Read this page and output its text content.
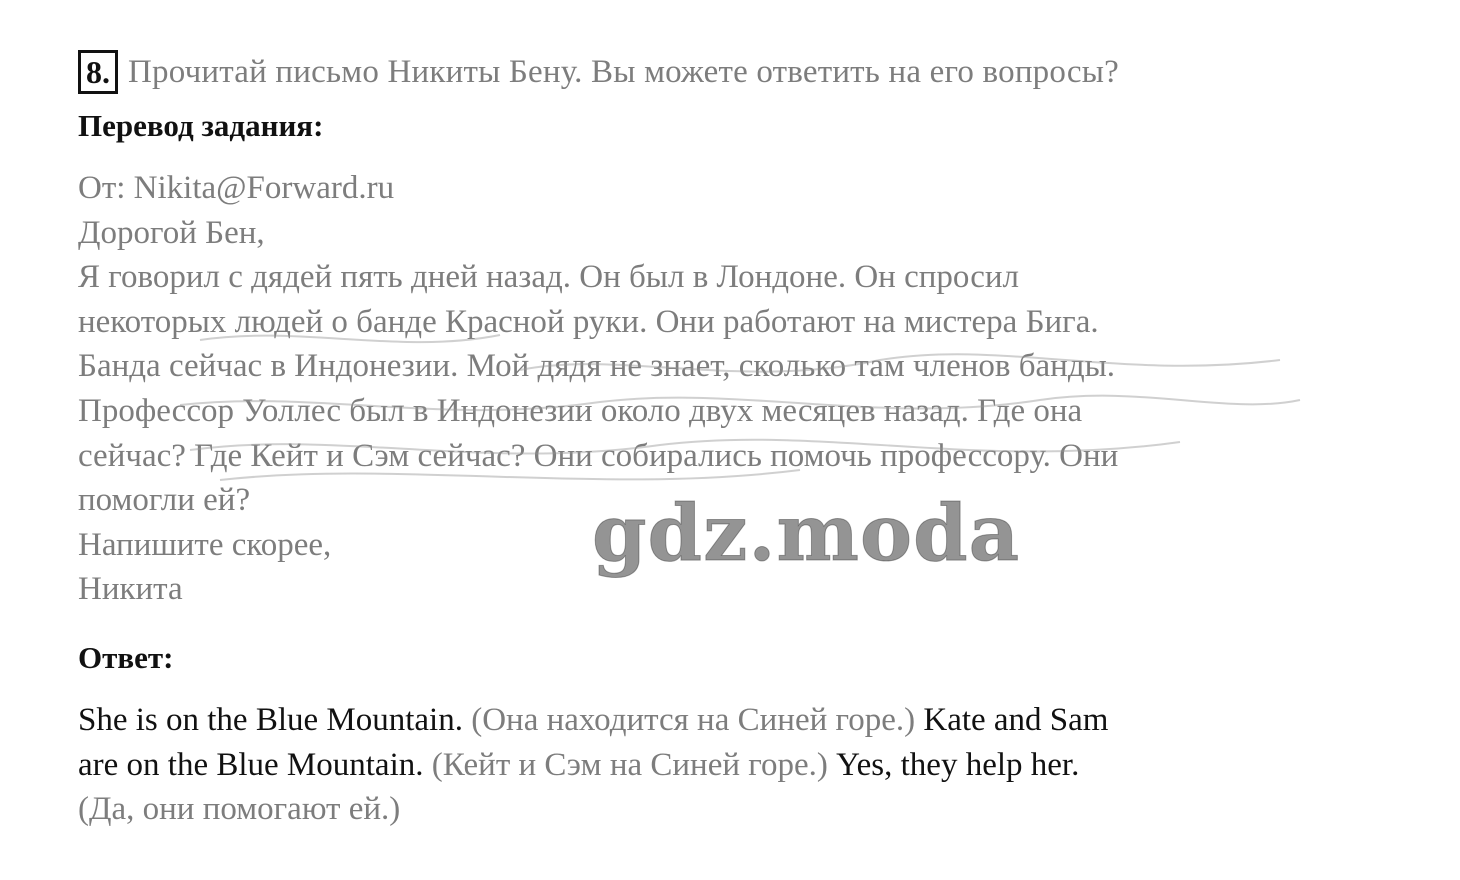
8. Прочитай письмо Никиты Бену. Вы можете ответить на его вопросы?
Перевод задания:
От: Nikita@Forward.ru
Дорогой Бен,
Я говорил с дядей пять дней назад. Он был в Лондоне. Он спросил
некоторых людей о банде Красной руки. Они работают на мистера Бига.
Банда сейчас в Индонезии. Мой дядя не знает, сколько там членов банды.
Профессор Уоллес был в Индонезии около двух месяцев назад. Где она
сейчас? Где Кейт и Сэм сейчас? Они собирались помочь профессору. Они
помогли ей?
Напишите скорее,
Никита
Ответ:
She is on the Blue Mountain. (Она находится на Синей горе.) Kate and Sam
are on the Blue Mountain. (Кейт и Сэм на Синей горе.) Yes, they help her.
(Да, они помогают ей.)
gdz.moda
